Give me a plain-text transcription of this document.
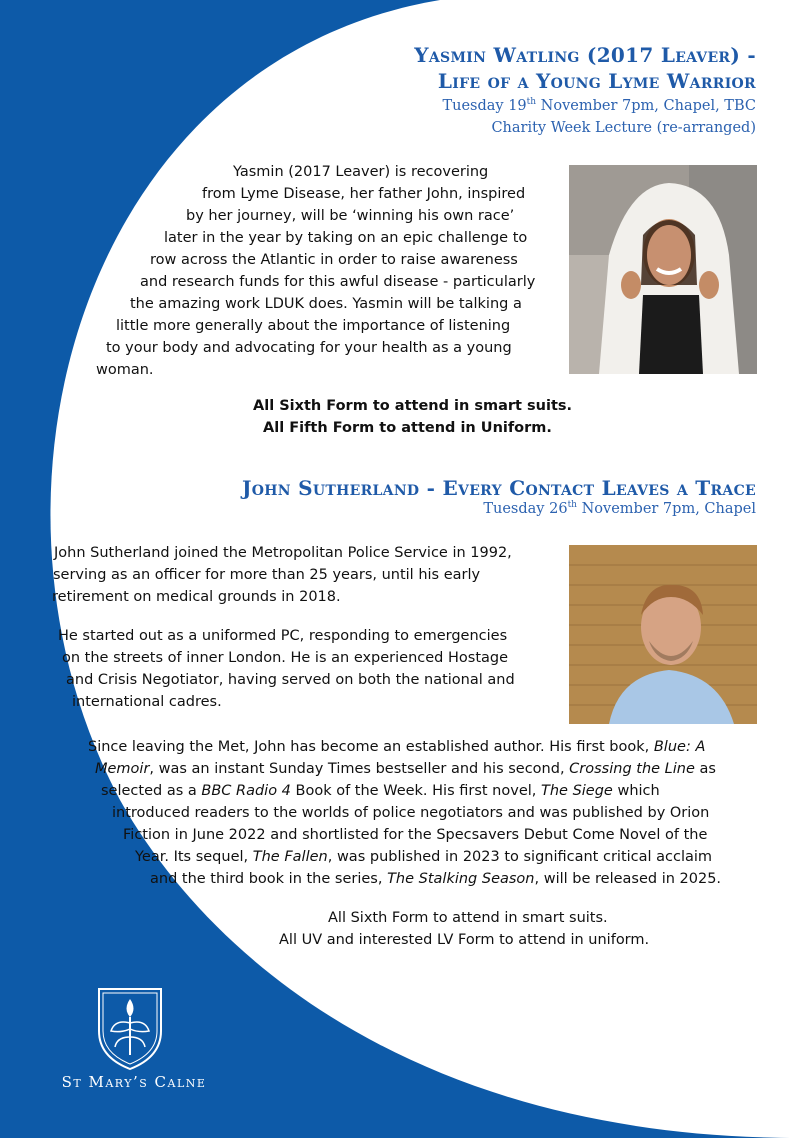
Yasmin Watling (2017 Leaver) -
Life of a Young Lyme Warrior
Tuesday 19th November 7pm, Chapel, TBC
Charity Week Lecture (re-arranged)
Yasmin (2017 Leaver) is recovering
from Lyme Disease, her father John, inspired
by her journey, will be ‘winning his own race’
later in the year by taking on an epic challenge to
row across the Atlantic in order to raise awareness
and research funds for this awful disease - particularly
the amazing work LDUK does. Yasmin will be talking a
little more generally about the importance of listening
to your body and advocating for your health as a young
woman.
All Sixth Form to attend in smart suits.
All Fifth Form to attend in Uniform.
John Sutherland - Every Contact Leaves a Trace
Tuesday 26th November 7pm, Chapel
John Sutherland joined the Metropolitan Police Service in 1992,
serving as an officer for more than 25 years, until his early
retirement on medical grounds in 2018.
He started out as a uniformed PC, responding to emergencies
on the streets of inner London. He is an experienced Hostage
and Crisis Negotiator, having served on both the national and
international cadres.
Since leaving the Met, John has become an established author. His first book, Blue: A
Memoir, was an instant Sunday Times bestseller and his second, Crossing the Line as
selected as a BBC Radio 4 Book of the Week. His first novel, The Siege which
introduced readers to the worlds of police negotiators and was published by Orion
Fiction in June 2022 and shortlisted for the Specsavers Debut Come Novel of the
Year. Its sequel, The Fallen, was published in 2023 to significant critical acclaim
and the third book in the series, The Stalking Season, will be released in 2025.
All Sixth Form to attend in smart suits.
All UV and interested LV Form to attend in uniform.
St Mary’s Calne
